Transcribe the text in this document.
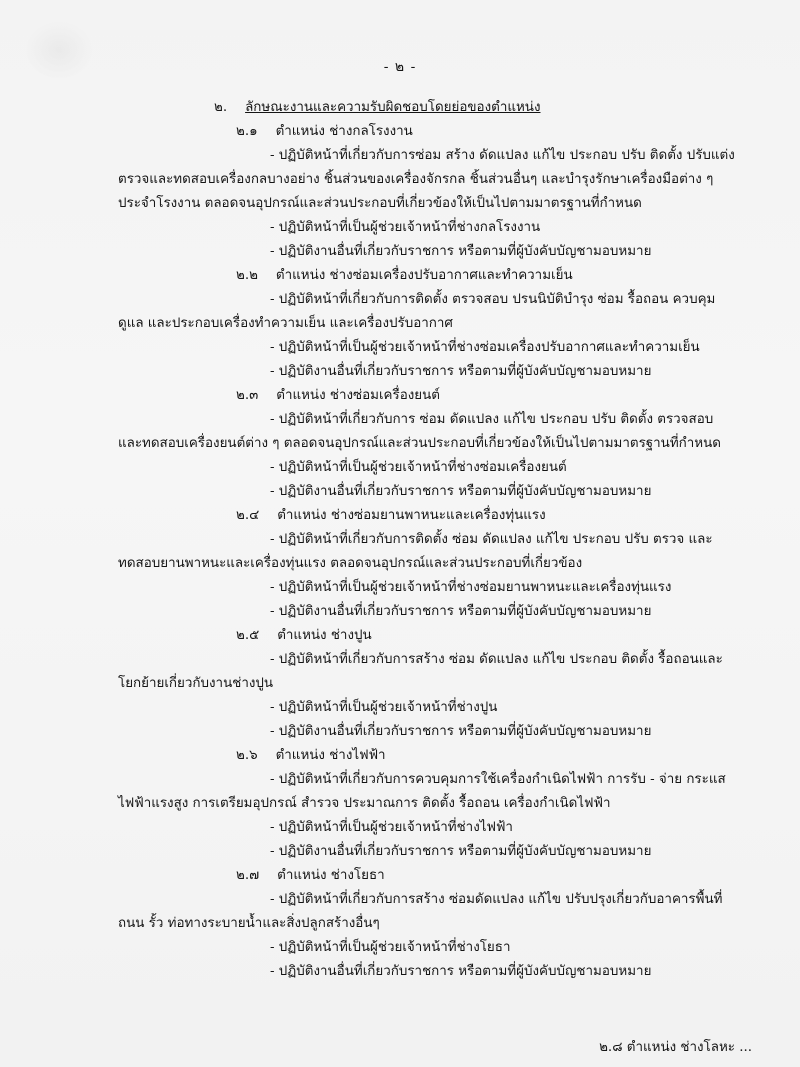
- ๒ -
๒. ลักษณะงานและความรับผิดชอบโดยย่อของตำแหน่ง
๒.๑ ตำแหน่ง ช่างกลโรงงาน
- ปฏิบัติหน้าที่เกี่ยวกับการซ่อม สร้าง ดัดแปลง แก้ไข ประกอบ ปรับ ติดตั้ง ปรับแต่ง
ตรวจและทดสอบเครื่องกลบางอย่าง ชิ้นส่วนของเครื่องจักรกล ชิ้นส่วนอื่นๆ และบำรุงรักษาเครื่องมือต่าง ๆ
ประจำโรงงาน ตลอดจนอุปกรณ์และส่วนประกอบที่เกี่ยวข้องให้เป็นไปตามมาตรฐานที่กำหนด
- ปฏิบัติหน้าที่เป็นผู้ช่วยเจ้าหน้าที่ช่างกลโรงงาน
- ปฏิบัติงานอื่นที่เกี่ยวกับราชการ หรือตามที่ผู้บังคับบัญชามอบหมาย
๒.๒ ตำแหน่ง ช่างซ่อมเครื่องปรับอากาศและทำความเย็น
- ปฏิบัติหน้าที่เกี่ยวกับการติดตั้ง ตรวจสอบ ปรนนิบัติบำรุง ซ่อม รื้อถอน ควบคุม
ดูแล และประกอบเครื่องทำความเย็น และเครื่องปรับอากาศ
- ปฏิบัติหน้าที่เป็นผู้ช่วยเจ้าหน้าที่ช่างซ่อมเครื่องปรับอากาศและทำความเย็น
- ปฏิบัติงานอื่นที่เกี่ยวกับราชการ หรือตามที่ผู้บังคับบัญชามอบหมาย
๒.๓ ตำแหน่ง ช่างซ่อมเครื่องยนต์
- ปฏิบัติหน้าที่เกี่ยวกับการ ซ่อม ดัดแปลง แก้ไข ประกอบ ปรับ ติดตั้ง ตรวจสอบ
และทดสอบเครื่องยนต์ต่าง ๆ ตลอดจนอุปกรณ์และส่วนประกอบที่เกี่ยวข้องให้เป็นไปตามมาตรฐานที่กำหนด
- ปฏิบัติหน้าที่เป็นผู้ช่วยเจ้าหน้าที่ช่างซ่อมเครื่องยนต์
- ปฏิบัติงานอื่นที่เกี่ยวกับราชการ หรือตามที่ผู้บังคับบัญชามอบหมาย
๒.๔ ตำแหน่ง ช่างซ่อมยานพาหนะและเครื่องทุ่นแรง
- ปฏิบัติหน้าที่เกี่ยวกับการติดตั้ง ซ่อม ดัดแปลง แก้ไข ประกอบ ปรับ ตรวจ และ
ทดสอบยานพาหนะและเครื่องทุ่นแรง ตลอดจนอุปกรณ์และส่วนประกอบที่เกี่ยวข้อง
- ปฏิบัติหน้าที่เป็นผู้ช่วยเจ้าหน้าที่ช่างซ่อมยานพาหนะและเครื่องทุ่นแรง
- ปฏิบัติงานอื่นที่เกี่ยวกับราชการ หรือตามที่ผู้บังคับบัญชามอบหมาย
๒.๕ ตำแหน่ง ช่างปูน
- ปฏิบัติหน้าที่เกี่ยวกับการสร้าง ซ่อม ดัดแปลง แก้ไข ประกอบ ติดตั้ง รื้อถอนและ
โยกย้ายเกี่ยวกับงานช่างปูน
- ปฏิบัติหน้าที่เป็นผู้ช่วยเจ้าหน้าที่ช่างปูน
- ปฏิบัติงานอื่นที่เกี่ยวกับราชการ หรือตามที่ผู้บังคับบัญชามอบหมาย
๒.๖ ตำแหน่ง ช่างไฟฟ้า
- ปฏิบัติหน้าที่เกี่ยวกับการควบคุมการใช้เครื่องกำเนิดไฟฟ้า การรับ - จ่าย กระแส
ไฟฟ้าแรงสูง การเตรียมอุปกรณ์ สำรวจ ประมาณการ ติดตั้ง รื้อถอน เครื่องกำเนิดไฟฟ้า
- ปฏิบัติหน้าที่เป็นผู้ช่วยเจ้าหน้าที่ช่างไฟฟ้า
- ปฏิบัติงานอื่นที่เกี่ยวกับราชการ หรือตามที่ผู้บังคับบัญชามอบหมาย
๒.๗ ตำแหน่ง ช่างโยธา
- ปฏิบัติหน้าที่เกี่ยวกับการสร้าง ซ่อมดัดแปลง แก้ไข ปรับปรุงเกี่ยวกับอาคารพื้นที่
ถนน รั้ว ท่อทางระบายน้ำและสิ่งปลูกสร้างอื่นๆ
- ปฏิบัติหน้าที่เป็นผู้ช่วยเจ้าหน้าที่ช่างโยธา
- ปฏิบัติงานอื่นที่เกี่ยวกับราชการ หรือตามที่ผู้บังคับบัญชามอบหมาย
๒.๘ ตำแหน่ง ช่างโลหะ ...
